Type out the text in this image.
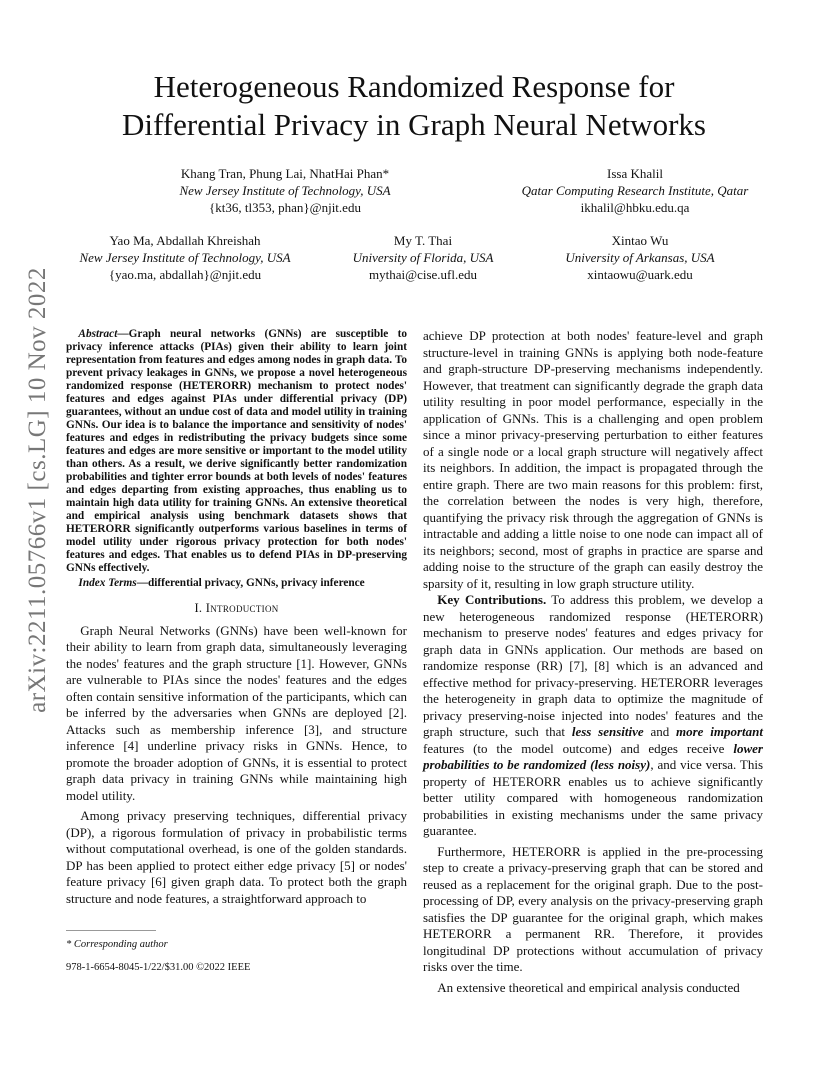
arXiv:2211.05766v1 [cs.LG] 10 Nov 2022
Heterogeneous Randomized Response for
Differential Privacy in Graph Neural Networks
Khang Tran, Phung Lai, NhatHai Phan*
New Jersey Institute of Technology, USA
{kt36, tl353, phan}@njit.edu
Issa Khalil
Qatar Computing Research Institute, Qatar
ikhalil@hbku.edu.qa
Yao Ma, Abdallah Khreishah
New Jersey Institute of Technology, USA
{yao.ma, abdallah}@njit.edu
My T. Thai
University of Florida, USA
mythai@cise.ufl.edu
Xintao Wu
University of Arkansas, USA
xintaowu@uark.edu

Abstract—Graph neural networks (GNNs) are susceptible to privacy inference attacks (PIAs) given their ability to learn joint representation from features and edges among nodes in graph data. To prevent privacy leakages in GNNs, we propose a novel heterogeneous randomized response (HETERORR) mechanism to protect nodes' features and edges against PIAs under differential privacy (DP) guarantees, without an undue cost of data and model utility in training GNNs. Our idea is to balance the importance and sensitivity of nodes' features and edges in redistributing the privacy budgets since some features and edges are more sensitive or important to the model utility than others. As a result, we derive significantly better randomization probabilities and tighter error bounds at both levels of nodes' features and edges departing from existing approaches, thus enabling us to maintain high data utility for training GNNs. An extensive theoretical and empirical analysis using benchmark datasets shows that HETERORR significantly outperforms various baselines in terms of model utility under rigorous privacy protection for both nodes' features and edges. That enables us to defend PIAs in DP-preserving GNNs effectively.

Index Terms—differential privacy, GNNs, privacy inference

I. Introduction

Graph Neural Networks (GNNs) have been well-known for their ability to learn from graph data, simultaneously leveraging the nodes' features and the graph structure [1]. However, GNNs are vulnerable to PIAs since the nodes' features and the edges often contain sensitive information of the participants, which can be inferred by the adversaries when GNNs are deployed [2]. Attacks such as membership inference [3], and structure inference [4] underline privacy risks in GNNs. Hence, to promote the broader adoption of GNNs, it is essential to protect graph data privacy in training GNNs while maintaining high model utility.

Among privacy preserving techniques, differential privacy (DP), a rigorous formulation of privacy in probabilistic terms without computational overhead, is one of the golden standards. DP has been applied to protect either edge privacy [5] or nodes' feature privacy [6] given graph data. To protect both the graph structure and node features, a straightforward approach to

achieve DP protection at both nodes' feature-level and graph structure-level in training GNNs is applying both node-feature and graph-structure DP-preserving mechanisms independently. However, that treatment can significantly degrade the graph data utility resulting in poor model performance, especially in the application of GNNs. This is a challenging and open problem since a minor privacy-preserving perturbation to either features of a single node or a local graph structure will negatively affect its neighbors. In addition, the impact is propagated through the entire graph. There are two main reasons for this problem: first, the correlation between the nodes is very high, therefore, quantifying the privacy risk through the aggregation of GNNs is intractable and adding a little noise to one node can impact all of its neighbors; second, most of graphs in practice are sparse and adding noise to the structure of the graph can easily destroy the sparsity of it, resulting in low graph structure utility.

Key Contributions. To address this problem, we develop a new heterogeneous randomized response (HETERORR) mechanism to preserve nodes' features and edges privacy for graph data in GNNs application. Our methods are based on randomize response (RR) [7], [8] which is an advanced and effective method for privacy-preserving. HETERORR leverages the heterogeneity in graph data to optimize the magnitude of privacy preserving-noise injected into nodes' features and the graph structure, such that less sensitive and more important features (to the model outcome) and edges receive lower probabilities to be randomized (less noisy), and vice versa. This property of HETERORR enables us to achieve significantly better utility compared with homogeneous randomization probabilities in existing mechanisms under the same privacy guarantee.

Furthermore, HETERORR is applied in the pre-processing step to create a privacy-preserving graph that can be stored and reused as a replacement for the original graph. Due to the post-processing of DP, every analysis on the privacy-preserving graph satisfies the DP guarantee for the original graph, which makes HETERORR a permanent RR. Therefore, it provides longitudinal DP protections without accumulation of privacy risks over the time.

An extensive theoretical and empirical analysis conducted

* Corresponding author
978-1-6654-8045-1/22/$31.00 ©2022 IEEE
